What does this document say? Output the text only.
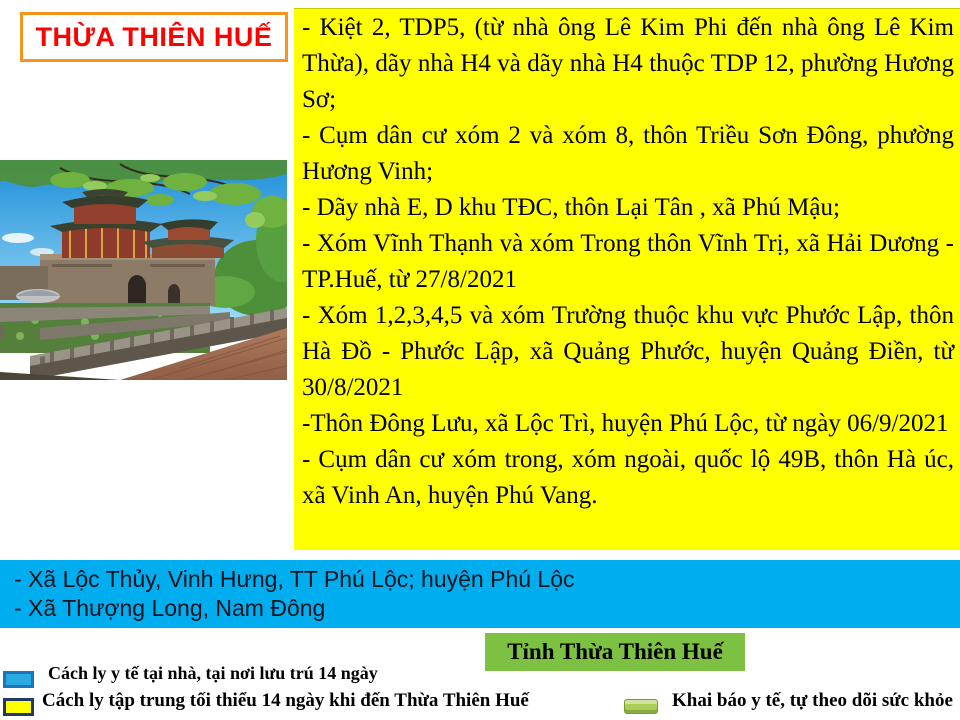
THỪA THIÊN HUẾ - Kiệt 2, TDP5, (từ nhà ông Lê Kim Phi đến nhà ông Lê Kim Thừa), dãy nhà H4 và dãy nhà H4 thuộc TDP 12, phường Hương Sơ;

- Cụm dân cư xóm 2 và xóm 8, thôn Triều Sơn Đông, phường Hương Vinh;

- Dãy nhà E, D khu TĐC, thôn Lại Tân , xã Phú Mậu;

- Xóm Vĩnh Thạnh và xóm Trong thôn Vĩnh Trị, xã Hải Dương - TP.Huế, từ 27/8/2021

- Xóm 1,2,3,4,5 và xóm Trường thuộc khu vực Phước Lập, thôn Hà Đồ - Phước Lập, xã Quảng Phước, huyện Quảng Điền, từ 30/8/2021

-Thôn Đông Lưu, xã Lộc Trì, huyện Phú Lộc, từ ngày 06/9/2021

- Cụm dân cư xóm trong, xóm ngoài, quốc lộ 49B, thôn Hà úc, xã Vinh An, huyện Phú Vang.

- Xã Lộc Thủy, Vinh Hưng, TT Phú Lộc; huyện Phú Lộc

- Xã Thượng Long, Nam Đông

Tỉnh Thừa Thiên Huế
Cách ly y tế tại nhà, tại nơi lưu trú 14 ngày
Cách ly tập trung tối thiểu 14 ngày khi đến Thừa Thiên Huế	Khai báo y tế, tự theo dõi sức khỏe
